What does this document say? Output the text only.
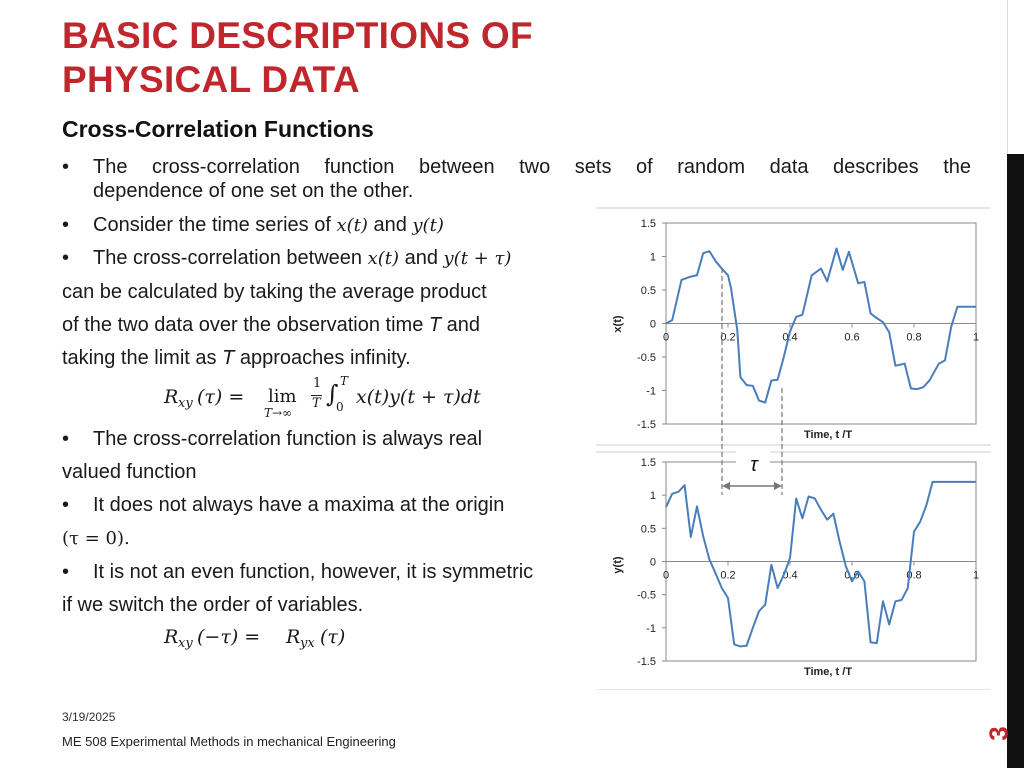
BASIC DESCRIPTIONS OF
PHYSICAL DATA
Cross-Correlation Functions
• The cross-correlation function between two sets of random data describes the
dependence of one set on the other.
• Consider the time series of x(t) and y(t)
• The cross-correlation between x(t) and y(t + τ)
can be calculated by taking the average product
of the two data over the observation time T and
taking the limit as T approaches infinity.
R xy (τ) = lim
T→∞
1
T ∫ T
0 x(t)y(t + τ)dt
• The cross-correlation function is always real
valued function
• It does not always have a maxima at the origin
(τ = 0).
• It is not an even function, however, it is symmetric
if we switch the order of variables.
R xy (−τ) = R yx (τ)
1.5
1
0.5
0
-0.5
-1
-1.5
0	0.2	0.4	0.6	0.8	1
Time, t /T
x(t)
1.5
1
0.5
0
-0.5
-1
-1.5
0	0.2	0.4	0.6	0.8	1
Time, t /T
y(t)
τ
3/19/2025
ME 508 Experimental Methods in mechanical Engineering
3
